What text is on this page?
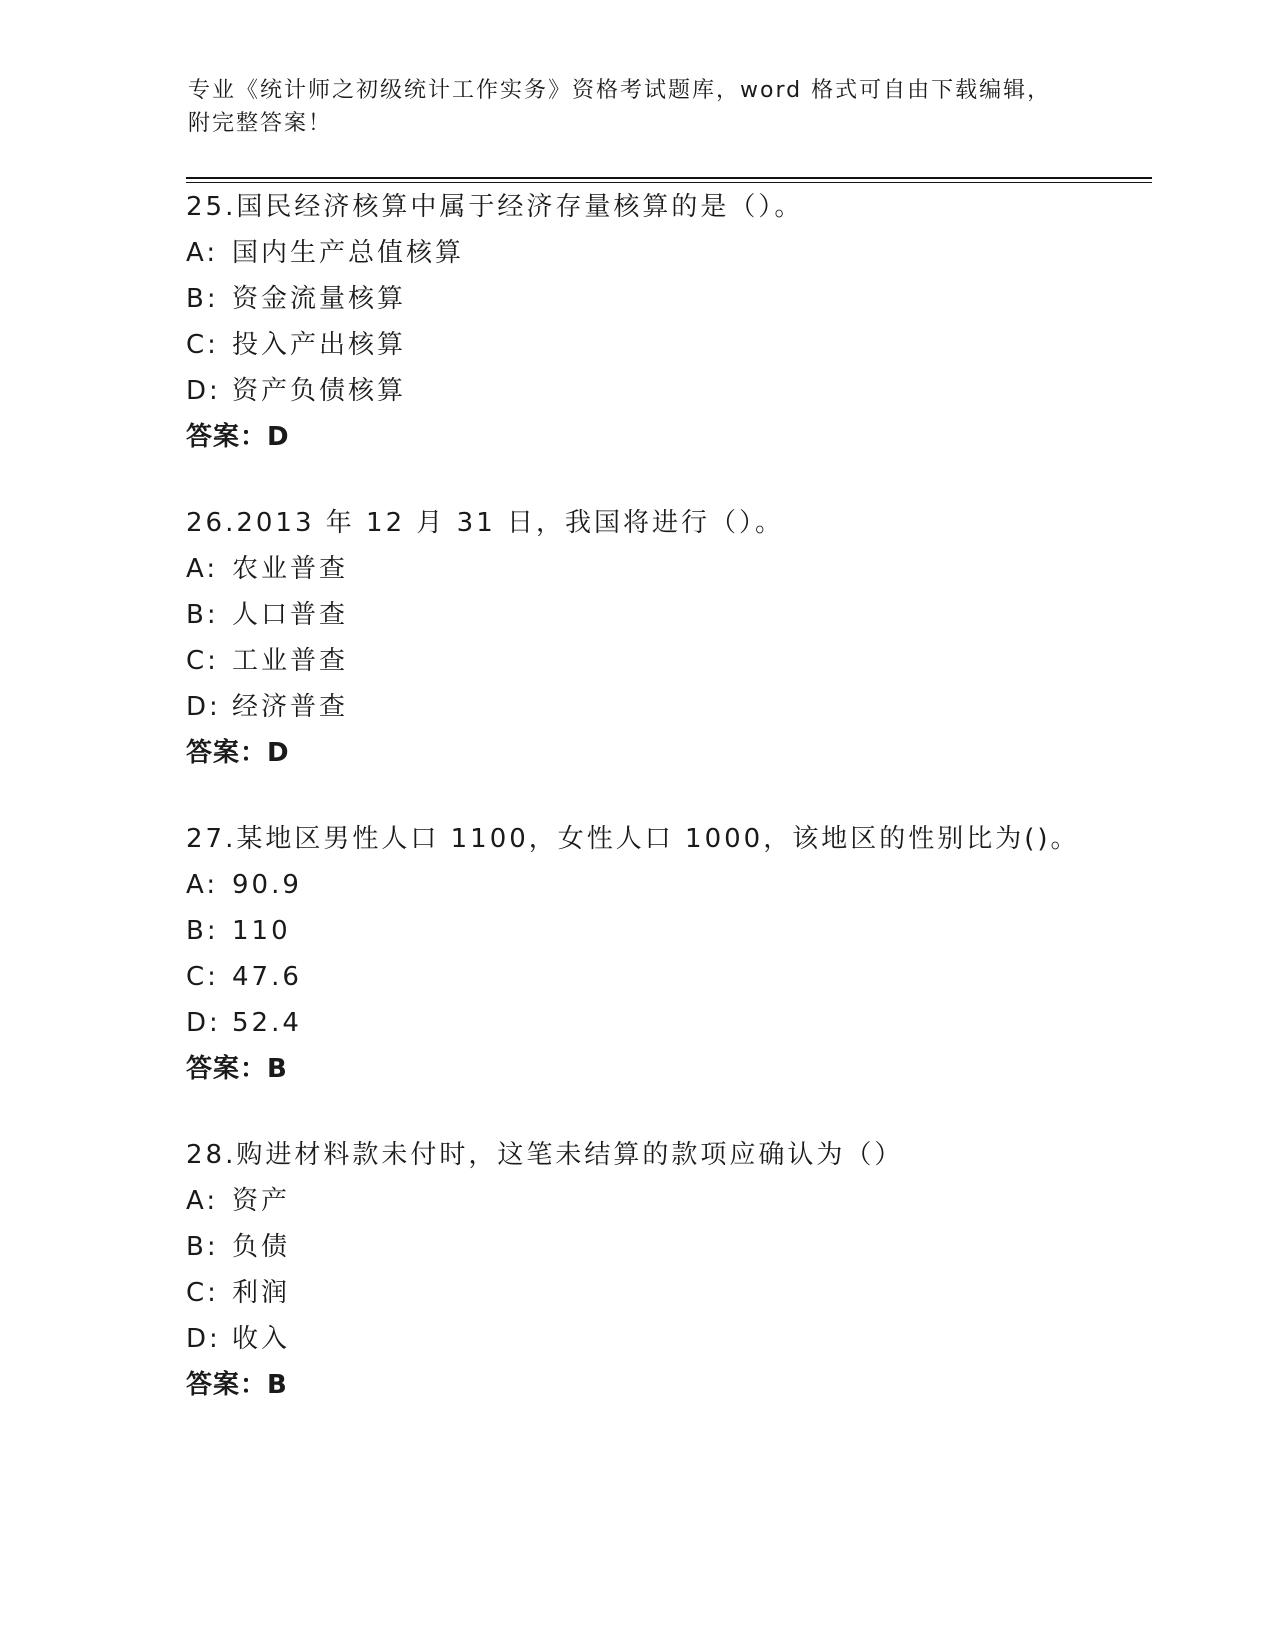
专业《统计师之初级统计工作实务》资格考试题库，word 格式可自由下载编辑，
附完整答案！
25.国民经济核算中属于经济存量核算的是（）。
A: 国内生产总值核算
B: 资金流量核算
C: 投入产出核算
D: 资产负债核算
答案：D
26.2013 年 12 月 31 日，我国将进行（）。
A: 农业普查
B: 人口普查
C: 工业普查
D: 经济普查
答案：D
27.某地区男性人口 1100，女性人口 1000，该地区的性别比为()。
A: 90.9
B: 110
C: 47.6
D: 52.4
答案：B
28.购进材料款未付时，这笔未结算的款项应确认为（）
A: 资产
B: 负债
C: 利润
D: 收入
答案：B
